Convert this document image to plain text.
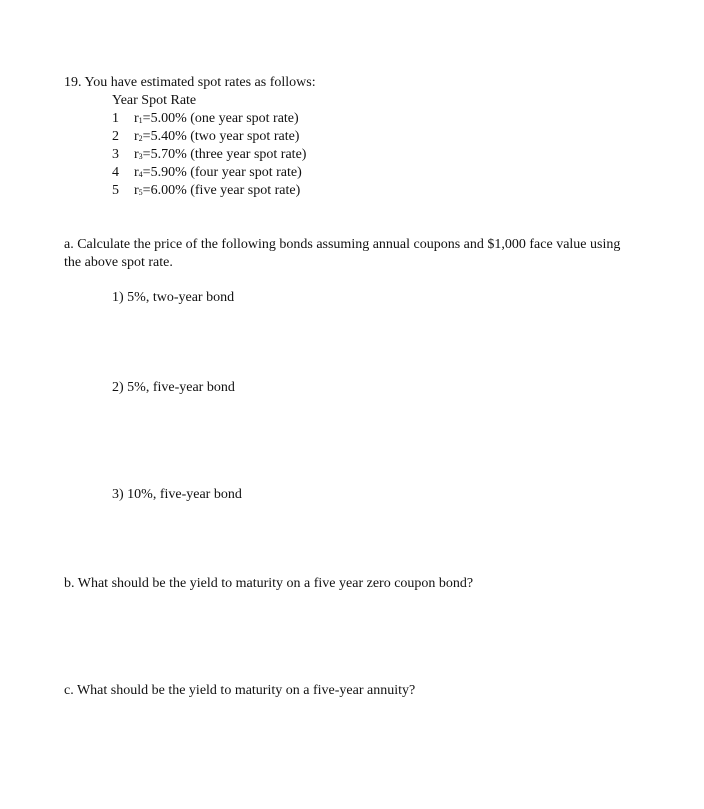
19. You have estimated spot rates as follows:
Year Spot Rate
1 r1=5.00% (one year spot rate)
2 r2=5.40% (two year spot rate)
3 r3=5.70% (three year spot rate)
4 r4=5.90% (four year spot rate)
5 r5=6.00% (five year spot rate)
a. Calculate the price of the following bonds assuming annual coupons and $1,000 face value using the above spot rate.
1) 5%, two-year bond
2) 5%, five-year bond
3) 10%, five-year bond
b. What should be the yield to maturity on a five year zero coupon bond?
c. What should be the yield to maturity on a five-year annuity?
